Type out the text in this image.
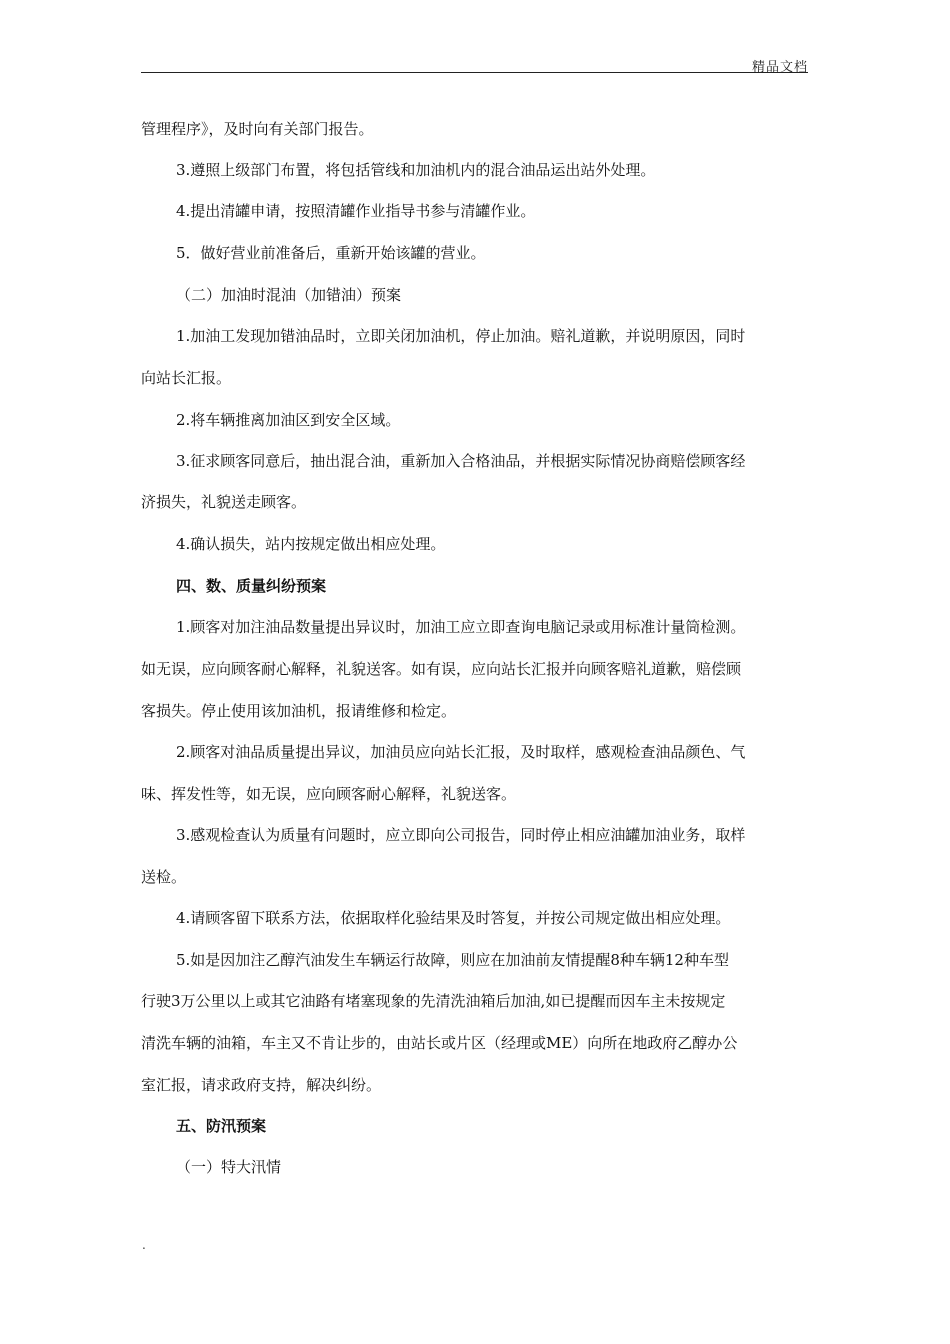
精品文档
管理程序》，及时向有关部门报告。
3.遵照上级部门布置，将包括管线和加油机内的混合油品运出站外处理。
4.提出清罐申请，按照清罐作业指导书参与清罐作业。
5．做好营业前准备后，重新开始该罐的营业。
（二）加油时混油（加错油）预案
1.加油工发现加错油品时，立即关闭加油机，停止加油。赔礼道歉，并说明原因，同时
向站长汇报。
2.将车辆推离加油区到安全区域。
3.征求顾客同意后，抽出混合油，重新加入合格油品，并根据实际情况协商赔偿顾客经
济损失，礼貌送走顾客。
4.确认损失，站内按规定做出相应处理。
四、数、质量纠纷预案
1.顾客对加注油品数量提出异议时，加油工应立即查询电脑记录或用标准计量筒检测。
如无误，应向顾客耐心解释，礼貌送客。如有误，应向站长汇报并向顾客赔礼道歉，赔偿顾
客损失。停止使用该加油机，报请维修和检定。
2.顾客对油品质量提出异议，加油员应向站长汇报，及时取样，感观检查油品颜色、气
味、挥发性等，如无误，应向顾客耐心解释，礼貌送客。
3.感观检查认为质量有问题时，应立即向公司报告，同时停止相应油罐加油业务，取样
送检。
4.请顾客留下联系方法，依据取样化验结果及时答复，并按公司规定做出相应处理。
5.如是因加注乙醇汽油发生车辆运行故障，则应在加油前友情提醒8种车辆12种车型
行驶3万公里以上或其它油路有堵塞现象的先清洗油箱后加油,如已提醒而因车主未按规定
清洗车辆的油箱，车主又不肯让步的，由站长或片区（经理或ME）向所在地政府乙醇办公
室汇报，请求政府支持，解决纠纷。
五、防汛预案
（一）特大汛情
.
